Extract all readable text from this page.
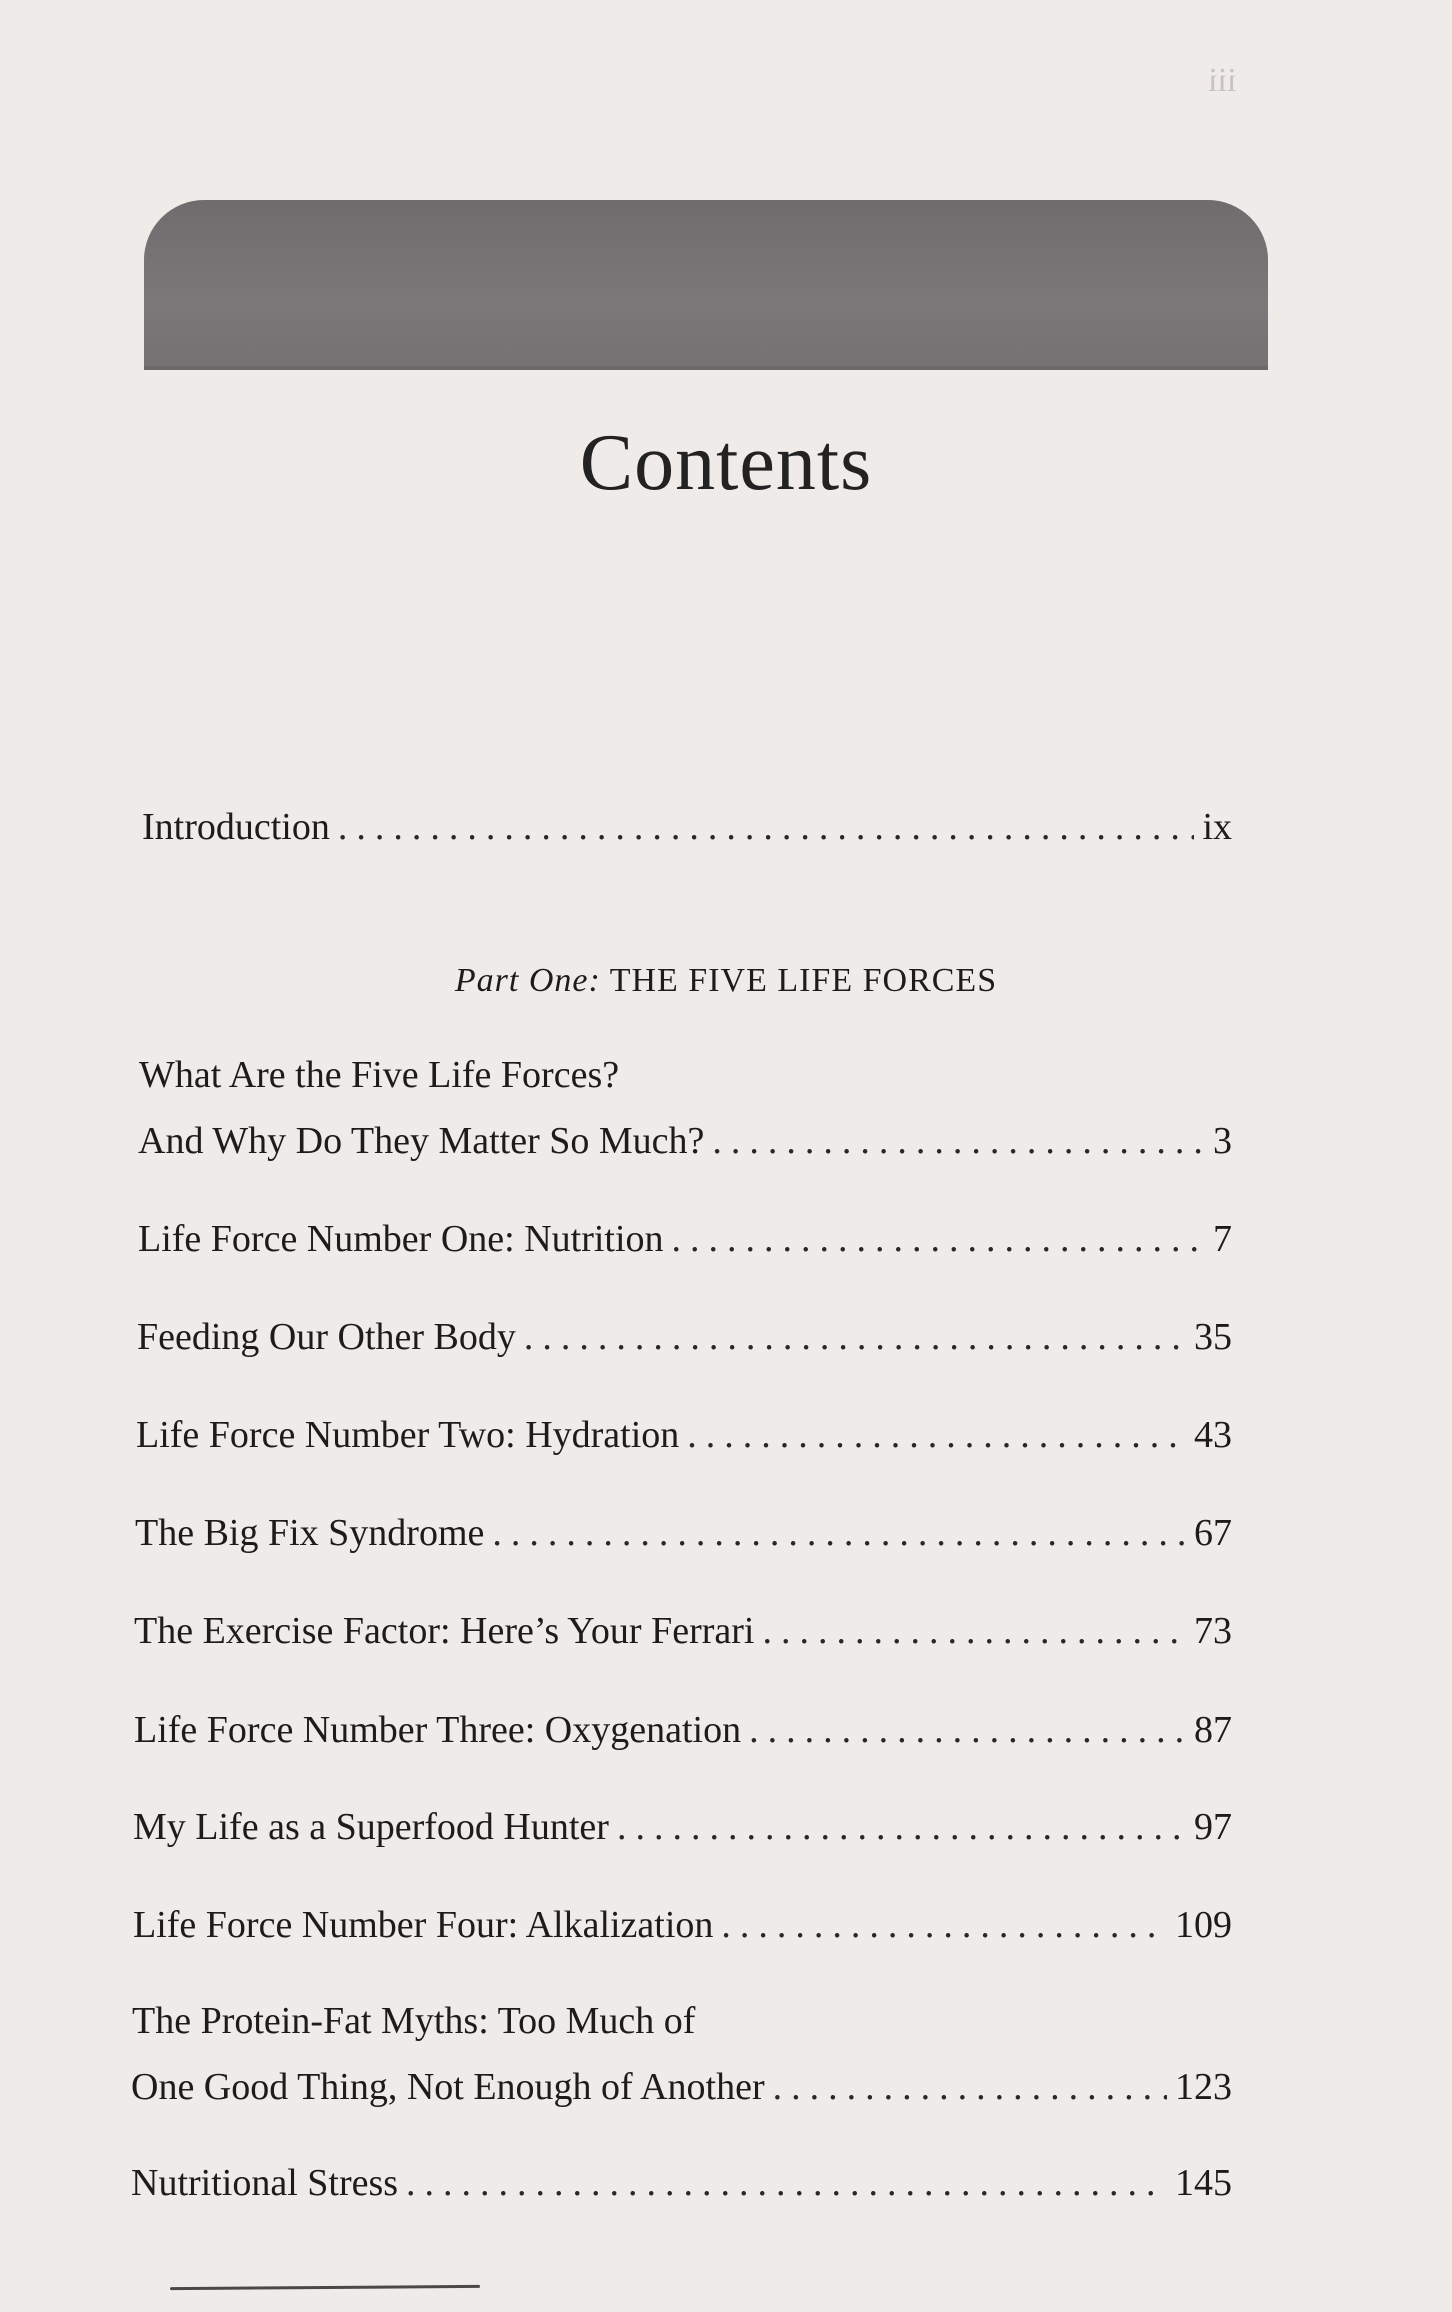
iii
Contents
Introduction .....	ix
Part One: THE FIVE LIFE FORCES
What Are the Five Life Forces?
And Why Do They Matter So Much? .....	3
Life Force Number One: Nutrition .....	7
Feeding Our Other Body .....	35
Life Force Number Two: Hydration .....	43
The Big Fix Syndrome .....	67
The Exercise Factor: Here’s Your Ferrari .....	73
Life Force Number Three: Oxygenation .....	87
My Life as a Superfood Hunter .....	97
Life Force Number Four: Alkalization .....	109
The Protein-Fat Myths: Too Much of
One Good Thing, Not Enough of Another .....	123
Nutritional Stress .....	145
